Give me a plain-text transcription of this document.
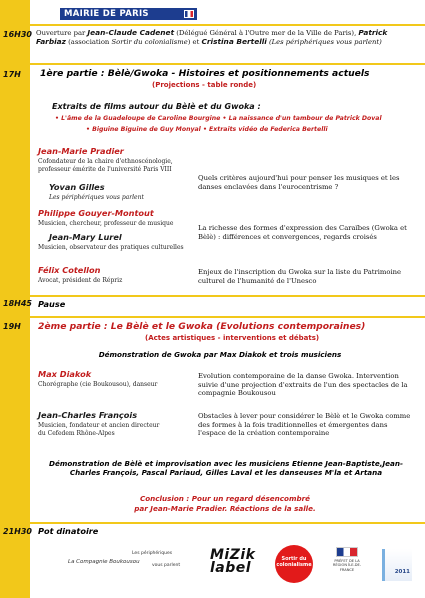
16H30
17H
18H45
19H
21H30
MAIRIE DE PARIS
Ouverture par Jean-Claude Cadenet (Délégué Général à l'Outre mer de la Ville de Paris), Patrick
Farbiaz (association Sortir du colonialisme) et Cristina Bertelli (Les périphériques vous parlent)
1ère partie : Bèlè/Gwoka - Histoires et positionnements actuels
(Projections - table ronde)
Extraits de films autour du Bèlè et du Gwoka :
• L'âme de la Guadeloupe de Caroline Bourgine • La naissance d'un tambour de Patrick Doval
• Biguine Biguine de Guy Monyal • Extraits vidéo de Federica Bertelli
Jean-Marie Pradier
Cofondateur de la chaire d'ethnoscénologie,
professeur émérite de l'université Paris VIII
Yovan Gilles
Les périphériques vous parlent
Quels critères aujourd'hui pour penser les musiques et les danses enclavées dans l'eurocentrisme ?
Philippe Gouyer-Montout
Musicien, chercheur, professeur de musique
Jean-Mary Lurel
Musicien, observateur des pratiques culturelles
La richesse des formes d'expression des Caraïbes (Gwoka et Bèlè) : différences et convergences, regards croisés
Félix Cotellon
Avocat, président de Répriz
Enjeux de l'inscription du Gwoka sur la liste du Patrimoine culturel de l'humanité de l'Unesco
Pause
2ème partie : Le Bèlè et le Gwoka (Evolutions contemporaines)
(Actes artistiques - interventions et débats)
Démonstration de Gwoka par Max Diakok et trois musiciens
Max Diakok
Chorégraphe (cie Boukousou), danseur
Evolution contemporaine de la danse Gwoka. Intervention suivie d'une projection d'extraits de l'un des spectacles de la compagnie Boukousou
Jean-Charles François
Musicien, fondateur et ancien directeur
du Cefedem Rhône-Alpes
Obstacles à lever pour considérer le Bèlè et le Gwoka comme des formes à la fois traditionnelles et émergentes dans l'espace de la création contemporaine
Démonstration de Bèlè et improvisation avec les musiciens Etienne Jean-Baptiste,Jean-Charles François, Pascal Pariaud, Gilles Laval et les danseuses M'la et Artana
Conclusion : Pour un regard désencombré
par Jean-Marie Pradier. Réactions de la salle.
Pot dinatoire
La Compagnie Boukousou
Les périphériques
vous parlent
MiZik
label
Sortir du colonialisme
PRÉFET DE LA RÉGION ÎLE-DE-FRANCE	2011
